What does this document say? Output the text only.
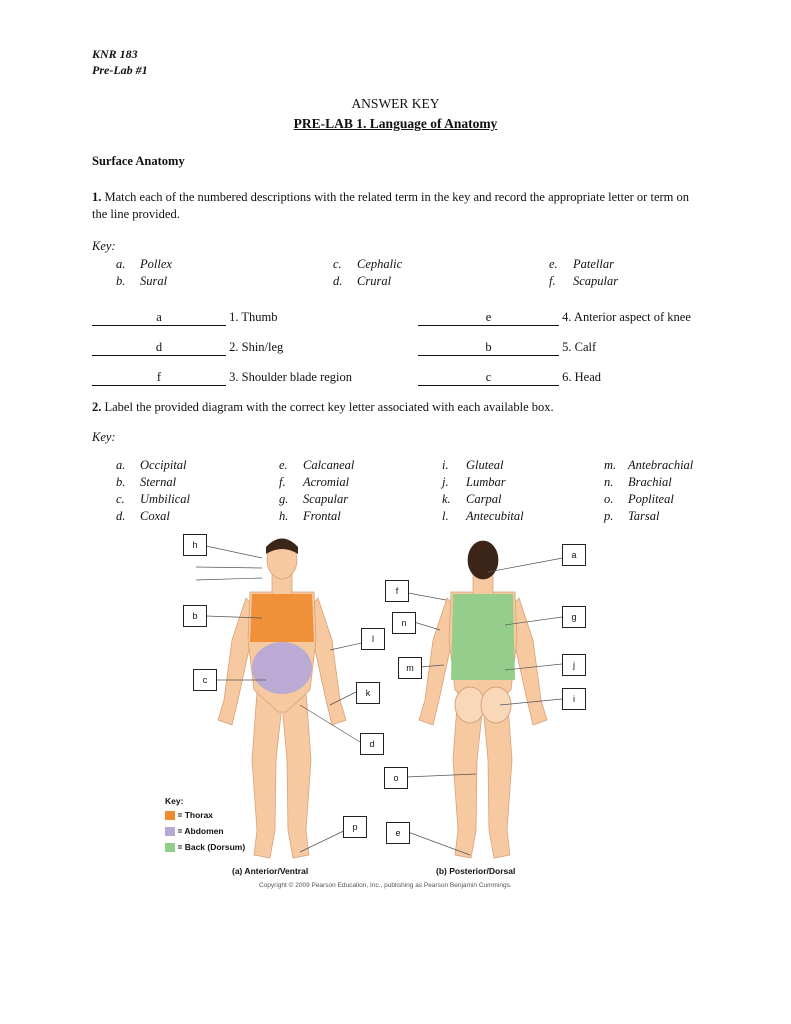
KNR 183
Pre-Lab #1
ANSWER KEY
PRE-LAB 1. Language of Anatomy
Surface Anatomy
1. Match each of the numbered descriptions with the related term in the key and record the appropriate letter or term on the line provided.
Key:
a. Pollex
b. Sural
c. Cephalic
d. Crural
e. Patellar
f. Scapular
a	1. Thumb
d	2. Shin/leg
f	3. Shoulder blade region
e	4. Anterior aspect of knee
b	5. Calf
c	6. Head
2. Label the provided diagram with the correct key letter associated with each available box.
Key:
a. Occipital
b. Sternal
c. Umbilical
d. Coxal
e. Calcaneal
f. Acromial
g. Scapular
h. Frontal
i. Gluteal
j. Lumbar
k. Carpal
l. Antecubital
m. Antebrachial
n. Brachial
o. Popliteal
p. Tarsal
h
b
c
f
n
l
m
k
d
o
p
e
a
g
j
i
Key:
= Thorax
= Abdomen
= Back (Dorsum)
(a) Anterior/Ventral	(b) Posterior/Dorsal
Copyright © 2009 Pearson Education, Inc., publishing as Pearson Benjamin Cummings.
